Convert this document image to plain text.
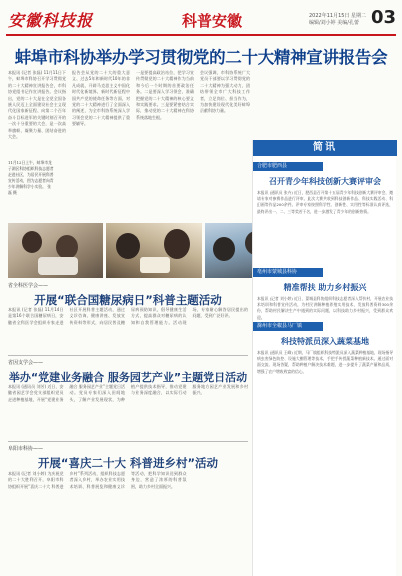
安徽科技报	科普安徽	2022年11月15日 星期二
编辑/刘小婷 美编/孔蕾 03
蚌埠市科协举办学习贯彻党的二十大精神宣讲报告会
本报讯 (记者 张磊) 11月11日下午，蚌埠市科协召开学习贯彻党的二十大精神宣讲报告会，市科协党组书记作宣讲报告。会议指出，党的二十大是在全党全国各族人民迈上全面建设社会主义现代化国家新征程、向第二个百年奋斗目标进军的关键时刻召开的一次十分重要的大会，是一次高举旗帜、凝聚力量、团结奋进的大会。
报告会从党的二十大的重大意义、过去5年和新时代10年的非凡成就、开辟马克思主义中国化时代化新境界、新时代新征程中国共产党的使命任务等方面，对党的二十大精神进行了全面深入的阐述，为全市科协系统深入学习领会党的二十大精神提供了重要辅导。
一是要提高政治站位，把学习宣传贯彻党的二十大精神作为当前和今后一个时期的首要政治任务。二是要深入学习领会，准确把握党的二十大精神的核心要义和实践要求。三是要紧密结合实际，推动党的二十大精神在科协系统落地生根。
会议强调，市科协系统广大党员干部要以学习贯彻党的二十大精神为强大动力，团结带领全市广大科技工作者，立足岗位、担当作为，为加快建设现代化美好蚌埠贡献科协力量。
11月12日上午，蚌埠市龙子湖区科协组织科技志愿者走进社区，为居民开展科普宣传活动，图为志愿者向青少年讲解科学小实验。 张磊 摄
省全科医学会——
开展“联合国糖尿病日”科普主题活动
本报讯 (记者 张磊) 11月14日是第16个联合国糖尿病日，安徽省全科医学会组织专家走进社区开展科普主题活动，通过义诊咨询、健康讲座、发放宣传资料等形式，向居民普及糖尿病预防知识，倡导健康生活方式，提高群众对糖尿病的认知和自我管理能力。活动现场，专家耐心解答居民提出的问题，受到广泛好评。
省因支学会——
举办“党建业务融合 服务园艺产业”主题党日活动
本报讯 (通讯员 刘芳) 近日，安徽省园艺学会党支部组织党员走进种植基地，开展“党建业务融合 服务园艺产业”主题党日活动。党员专家们深入田间地头，了解产业发展现状，为种植户提供技术指导，推动党建与业务深度融合，以实际行动服务地方园艺产业发展和乡村振兴。
阜阳市科协——
开展“喜庆二十大 科普进乡村”活动
本报讯 (记者 刘小婷) 为庆祝党的二十大胜利召开，阜阳市科协组织开展“喜庆二十大 科普进乡村”系列活动，组织科技志愿者深入乡村，举办农业实用技术培训、科普展览和健康义诊等活动，把科学知识送到群众身边，营造了浓厚的科普氛围，助力乡村全面振兴。
简讯
合肥市肥西县
召开青少年科技创新大赛评审会
本报讯 (通讯员 张卉) 近日，肥西县召开第十五届青少年科技创新大赛评审会，邀请专家对参赛作品进行评审。此次大赛共收到科技创新作品、科技实践活动、科幻画等作品200余件。评审专家按照科学性、创新性、实用性等标准认真评选，最终评出一、二、三等奖若干名，进一步激发了青少年的创新热情。
亳州市蒙城县科协
精准帮扶 助力乡村振兴
本报讯 (记者 刘小婷) 近日，蒙城县科协组织科技志愿者深入帮扶村，开展农业技术培训和科普宣传活动，为村民讲解种植养殖实用技术，发放科普资料300余份，帮助村民解决生产中遇到的实际问题，以科技助力乡村振兴，受到群众欢迎。
滁州市全椒县马厂镇
科技特派员深入蔬菜基地
本报讯 (通讯员 王峰) 近期，马厂镇组织科技特派员深入蔬菜种植基地，现场指导病虫害绿色防控、设施大棚管理等技术，手把手传授蔬菜种植新技术。通过面对面交流、现场答疑，帮助种植户解决技术难题，进一步提升了蔬菜产量和品质，增强了农户增收致富的信心。
